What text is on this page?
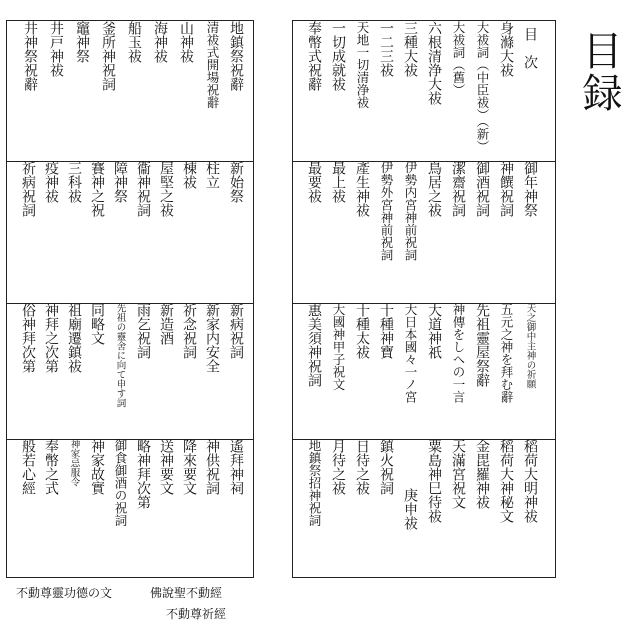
目録
目　次
身滌大祓
大祓詞（中臣祓）（新）
大祓詞（舊）
六根清浄大祓
三種大祓
一二三祓
天地一切清浄祓
一切成就祓
奉幣式祝辭
御年神祭
神饌祝詞
御酒祝詞
潔齋祝詞
鳥居之祓
伊勢内宮神前祝詞
伊勢外宮神前祝詞
產生神祓
最上祓
最要祓
天之御中主神の祈願
五元之神を拜む辭
先祖靈屋祭辭
神傳をしへの一言
大道神祇
大日本國々一ノ宮
十種神寶
十種太祓
大國神甲子祝文
惠美須神祝詞
稻荷大明神祓
稻荷大神秘文
金毘羅神祓
天滿宮祝文
粟島神巳待祓
庚申祓
鎮火祝詞
日待之祓
月待之祓
地鎮祭招神祝詞
地鎮祭祝辭
清祓式開場祝辭
山神祓
海神祓
船玉祓
釜所神祝詞
竈神祭
井戸神祓
井神祭祝辭
新始祭
柱立
棟祓
屋堅之祓
衞神祝詞
障神祭
賽神之祝
三科祓
疫神祓
祈病祝詞
新病祝詞
新家内安全
祈念祝詞
新造酒
雨乞祝詞
先祖の靈舍に向て申す詞
同略文
祖廟遷鎮祓
神拜之次第
俗神拜次第
遙拜神祠
神供祝詞
降來要文
送神要文
略神拜次第
御食御酒の祝詞
神家故實
神家忌服令
奉幣之式
般若心經
不動尊靈功德の文	佛說聖不動經
不動尊祈經
